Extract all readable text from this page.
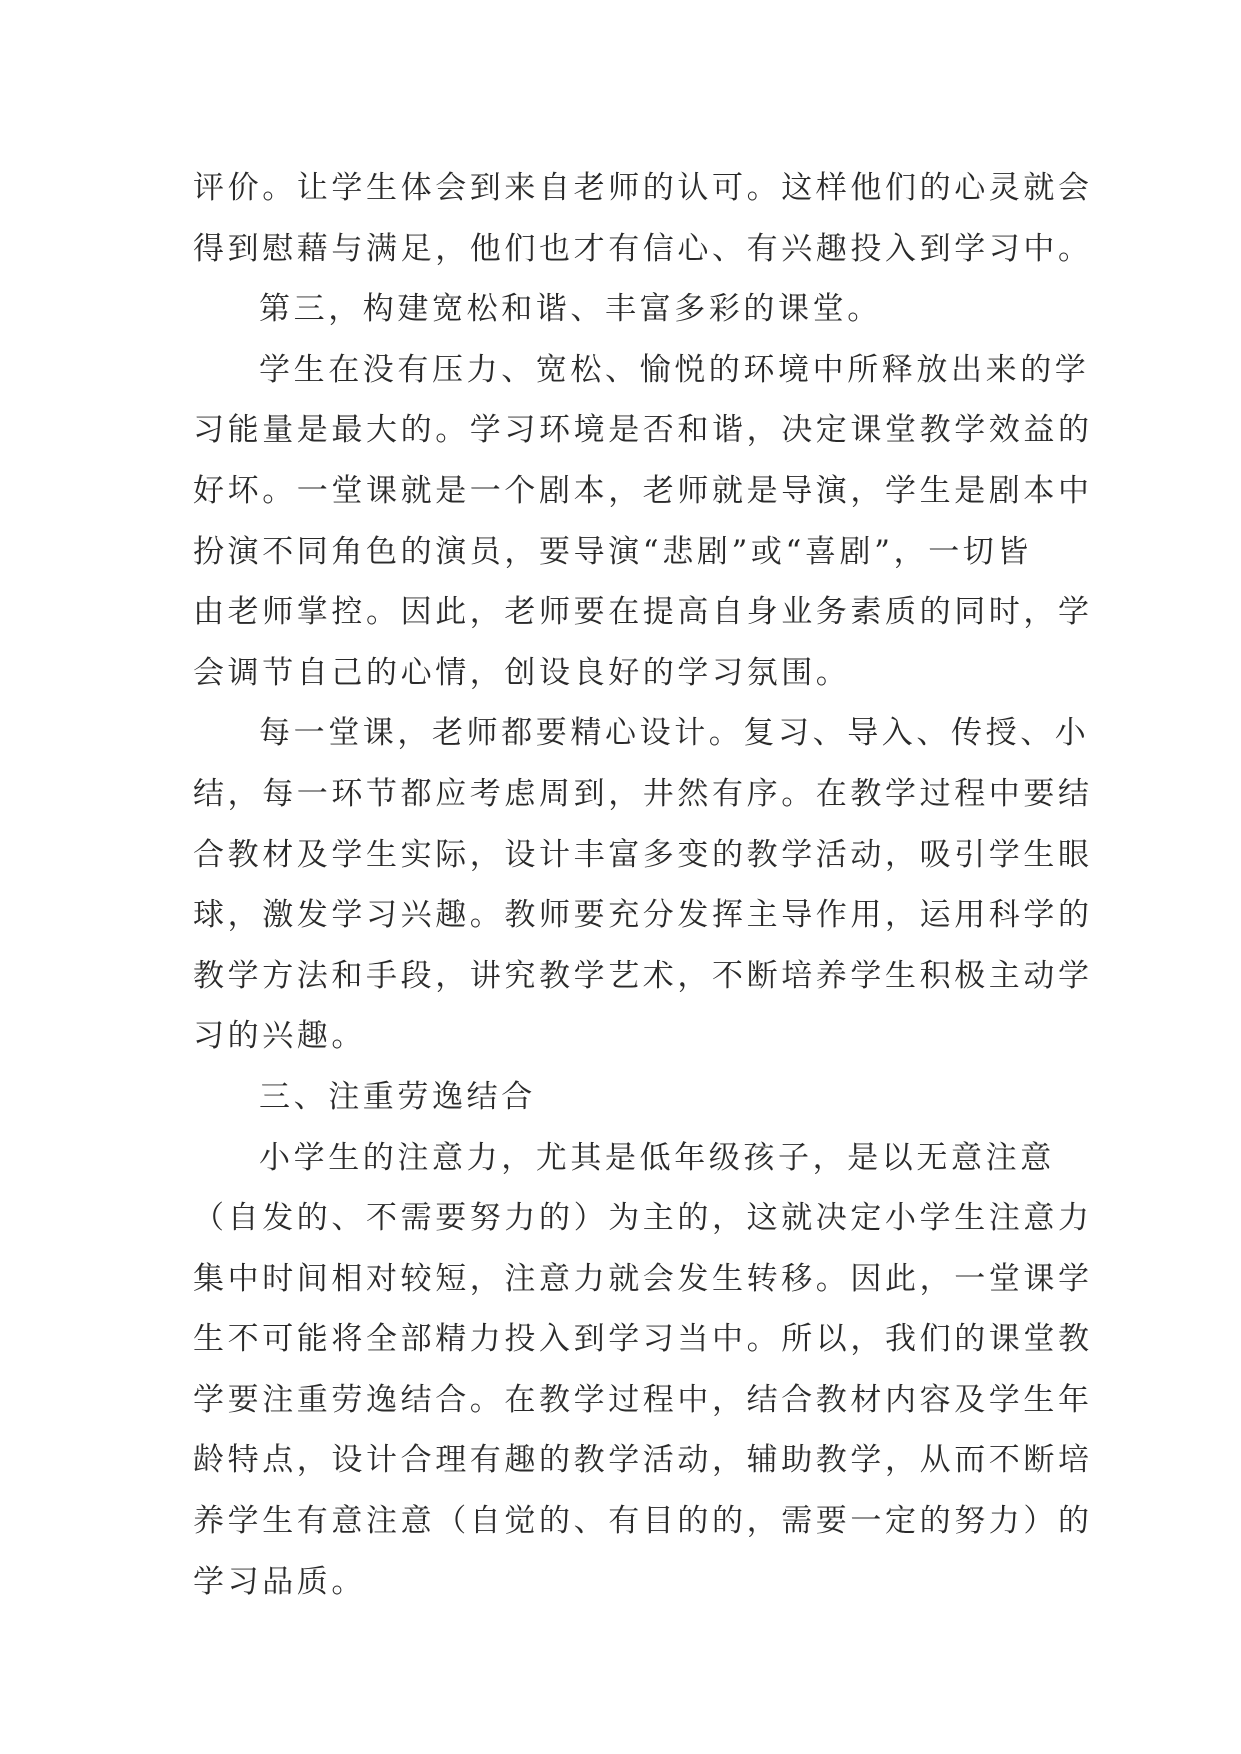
评价。让学生体会到来自老师的认可。这样他们的心灵就会
得到慰藉与满足，他们也才有信心、有兴趣投入到学习中。
第三，构建宽松和谐、丰富多彩的课堂。
学生在没有压力、宽松、愉悦的环境中所释放出来的学
习能量是最大的。学习环境是否和谐，决定课堂教学效益的
好坏。一堂课就是一个剧本，老师就是导演，学生是剧本中
扮演不同角色的演员，要导演“悲剧”或“喜剧”，一切皆
由老师掌控。因此，老师要在提高自身业务素质的同时，学
会调节自己的心情，创设良好的学习氛围。
每一堂课，老师都要精心设计。复习、导入、传授、小
结，每一环节都应考虑周到，井然有序。在教学过程中要结
合教材及学生实际，设计丰富多变的教学活动，吸引学生眼
球，激发学习兴趣。教师要充分发挥主导作用，运用科学的
教学方法和手段，讲究教学艺术，不断培养学生积极主动学
习的兴趣。
三、注重劳逸结合
小学生的注意力，尤其是低年级孩子，是以无意注意
（自发的、不需要努力的）为主的，这就决定小学生注意力
集中时间相对较短，注意力就会发生转移。因此，一堂课学
生不可能将全部精力投入到学习当中。所以，我们的课堂教
学要注重劳逸结合。在教学过程中，结合教材内容及学生年
龄特点，设计合理有趣的教学活动，辅助教学，从而不断培
养学生有意注意（自觉的、有目的的，需要一定的努力）的
学习品质。
